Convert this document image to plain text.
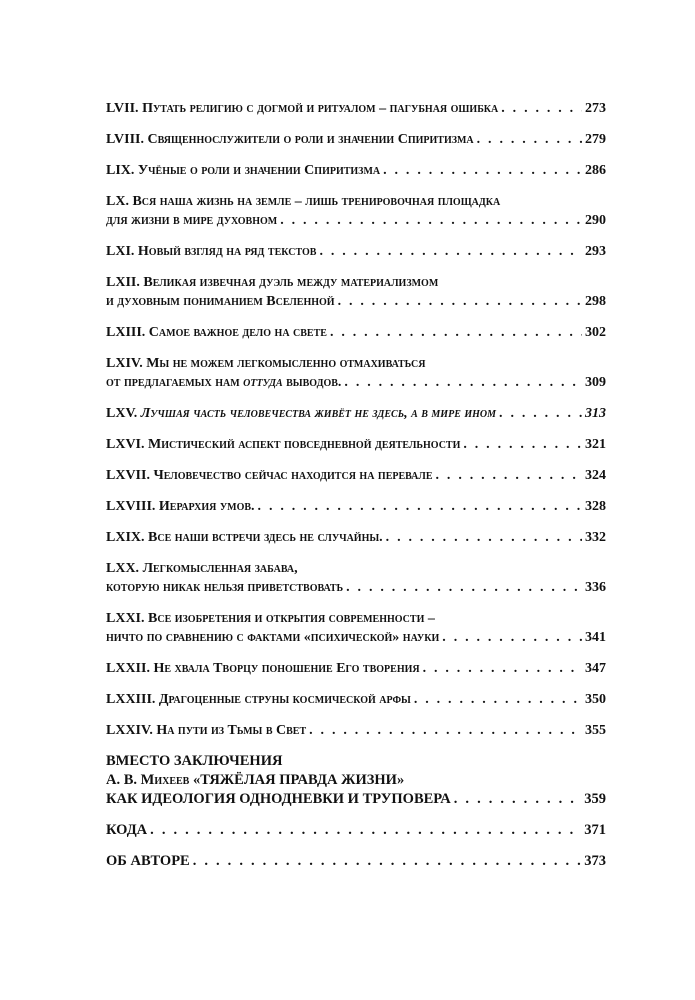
LVII. Путать религию с догмой и ритуалом – пагубная ошибка . . .	273
LVIII. Священнослужители о роли и значении Спиритизма . . .	279
LIX. Учёные о роли и значении Спиритизма . . .	286
LX. Вся наша жизнь на земле – лишь тренировочная площадка
для жизни в мире духовном . . .	290
LXI. Новый взгляд на ряд текстов . . .	293
LXII. Великая извечная дуэль между материализмом
и духовным пониманием Вселенной . . .	298
LXIII. Самое важное дело на свете . . .	302
LXIV. Мы не можем легкомысленно отмахиваться
от предлагаемых нам оттуда выводов. . . .	309
LXV. Лучшая часть человечества живёт не здесь, а в мире ином . . .	313
LXVI. Мистический аспект повседневной деятельности . . .	321
LXVII. Человечество сейчас находится на перевале . . .	324
LXVIII. Иерархия умов. . . .	328
LXIX. Все наши встречи здесь не случайны. . . .	332
LXX. Легкомысленная забава,
которую никак нельзя приветствовать . . .	336
LXXI. Все изобретения и открытия современности –
ничто по сравнению с фактами «психической» науки . . .	341
LXXII. Не хвала Творцу поношение Его творения . . .	347
LXXIII. Драгоценные струны космической арфы . . .	350
LXXIV. На пути из Тьмы в Свет . . .	355
ВМЕСТО ЗАКЛЮЧЕНИЯ
А. В. Михеев «ТЯЖЁЛАЯ ПРАВДА ЖИЗНИ»
КАК ИДЕОЛОГИЯ ОДНОДНЕВКИ И ТРУПОВЕРА . . .	359
КОДА . . .	371
ОБ АВТОРЕ . . .	373
